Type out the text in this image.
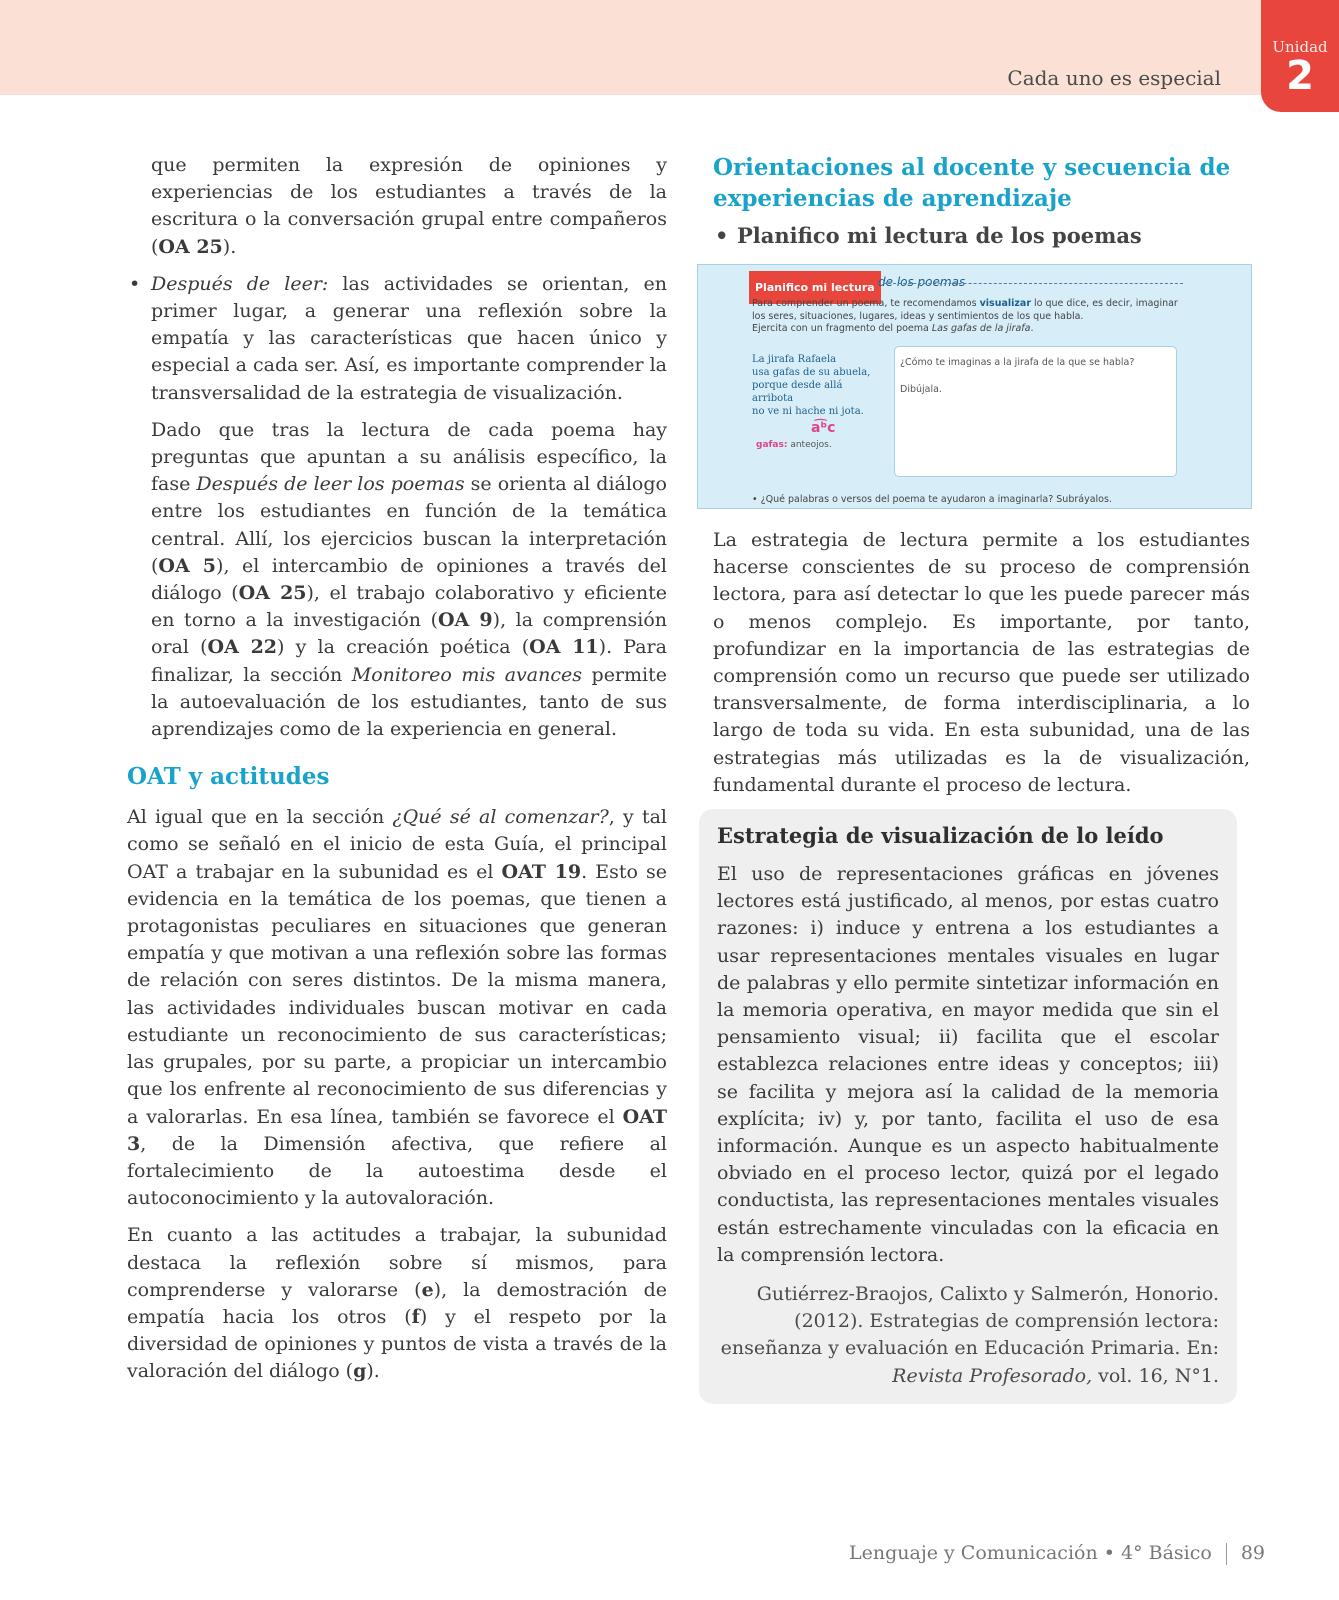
Cada uno es especial
Unidad
2

que permiten la expresión de opiniones y experiencias de los estudiantes a través de la escritura o la conversación grupal entre compañeros (OA 25).

• Después de leer: las actividades se orientan, en primer lugar, a generar una reflexión sobre la empatía y las características que hacen único y especial a cada ser. Así, es importante comprender la transversalidad de la estrategia de visualización.

Dado que tras la lectura de cada poema hay preguntas que apuntan a su análisis específico, la fase Después de leer los poemas se orienta al diálogo entre los estudiantes en función de la temática central. Allí, los ejercicios buscan la interpretación (OA 5), el intercambio de opiniones a través del diálogo (OA 25), el trabajo colaborativo y eficiente en torno a la investigación (OA 9), la comprensión oral (OA 22) y la creación poética (OA 11). Para finalizar, la sección Monitoreo mis avances permite la autoevaluación de los estudiantes, tanto de sus aprendizajes como de la experiencia en general.

OAT y actitudes

Al igual que en la sección ¿Qué sé al comenzar?, y tal como se señaló en el inicio de esta Guía, el principal OAT a trabajar en la subunidad es el OAT 19. Esto se evidencia en la temática de los poemas, que tienen a protagonistas peculiares en situaciones que generan empatía y que motivan a una reflexión sobre las formas de relación con seres distintos. De la misma manera, las actividades individuales buscan motivar en cada estudiante un reconocimiento de sus características; las grupales, por su parte, a propiciar un intercambio que los enfrente al reconocimiento de sus diferencias y a valorarlas. En esa línea, también se favorece el OAT 3, de la Dimensión afectiva, que refiere al fortalecimiento de la autoestima desde el autoconocimiento y la autovaloración.

En cuanto a las actitudes a trabajar, la subunidad destaca la reflexión sobre sí mismos, para comprenderse y valorarse (e), la demostración de empatía hacia los otros (f) y el respeto por la diversidad de opiniones y puntos de vista a través de la valoración del diálogo (g).

Orientaciones al docente y secuencia de experiencias de aprendizaje
• Planifico mi lectura de los poemas
Planifico mi lectura de los poemas
Para comprender un poema, te recomendamos visualizar lo que dice, es decir, imaginar los seres, situaciones, lugares, ideas y sentimientos de los que habla.
Ejercita con un fragmento del poema Las gafas de la jirafa.
La jirafa Rafaela
usa gafas de su abuela,
porque desde allá arribota
no ve ni hache ni jota.
a͡ᵇc
gafas: anteojos.
¿Cómo te imaginas a la jirafa de la que se habla? Dibújala.
• ¿Qué palabras o versos del poema te ayudaron a imaginarla? Subráyalos.

La estrategia de lectura permite a los estudiantes hacerse conscientes de su proceso de comprensión lectora, para así detectar lo que les puede parecer más o menos complejo. Es importante, por tanto, profundizar en la importancia de las estrategias de comprensión como un recurso que puede ser utilizado transversalmente, de forma interdisciplinaria, a lo largo de toda su vida. En esta subunidad, una de las estrategias más utilizadas es la de visualización, fundamental durante el proceso de lectura.

Estrategia de visualización de lo leído

El uso de representaciones gráficas en jóvenes lectores está justificado, al menos, por estas cuatro razones: i) induce y entrena a los estudiantes a usar representaciones mentales visuales en lugar de palabras y ello permite sintetizar información en la memoria operativa, en mayor medida que sin el pensamiento visual; ii) facilita que el escolar establezca relaciones entre ideas y conceptos; iii) se facilita y mejora así la calidad de la memoria explícita; iv) y, por tanto, facilita el uso de esa información. Aunque es un aspecto habitualmente obviado en el proceso lector, quizá por el legado conductista, las representaciones mentales visuales están estrechamente vinculadas con la eficacia en la comprensión lectora.

Gutiérrez-Braojos, Calixto y Salmerón, Honorio. (2012). Estrategias de comprensión lectora: enseñanza y evaluación en Educación Primaria. En: Revista Profesorado, vol. 16, N°1.
Lenguaje y Comunicación • 4° Básico 89
